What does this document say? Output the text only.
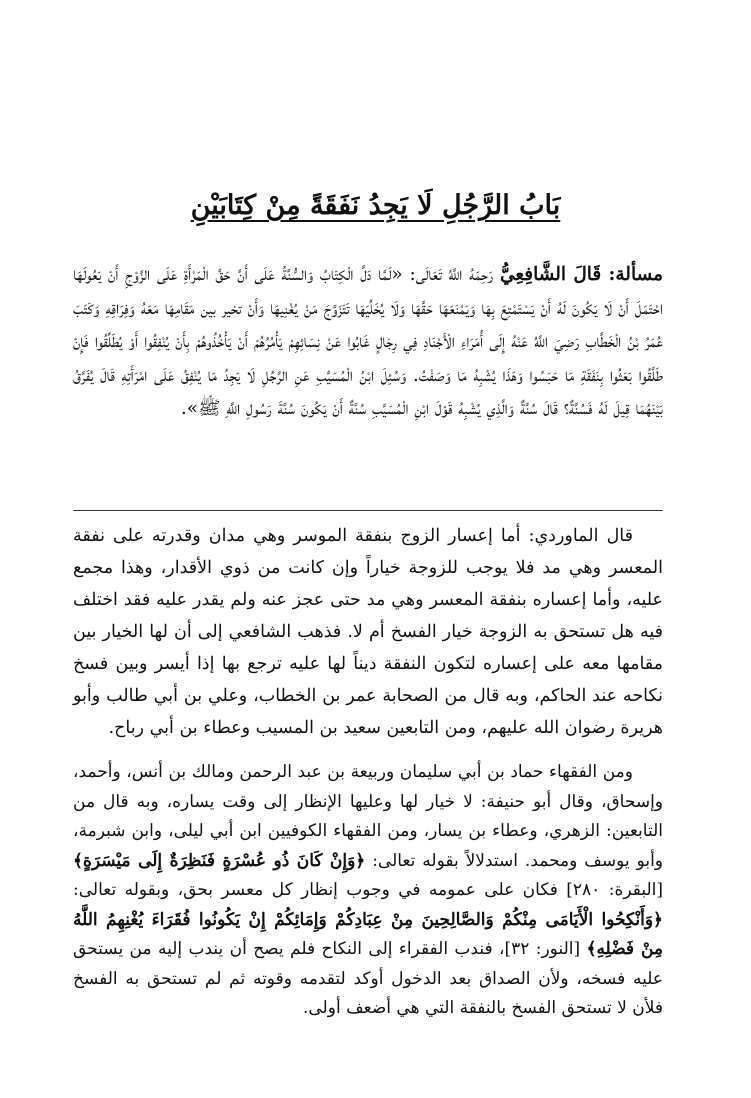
بَابُ الرَّجُلِ لَا يَجِدُ نَفَقَةً مِنْ كِتَابَيْنِ
مسألة: قَالَ الشَّافِعِيُّ رَحِمَهُ اللَّهُ تَعَالَى: «لَمَّا دَلَّ الْكِتَابُ وَالسُّنَّةُ عَلَى أَنَّ حَقَّ الْمَرْأَةِ عَلَى الزَّوْجِ أَنْ يَعُولَهَا احْتَمَلَ أَنْ لَا يَكُونَ لَهُ أَنْ يَسْتَمْتِعَ بِهَا وَيَمْنَعَهَا حَقَّهَا وَلَا يُخَلِّيَهَا تَتَزَوَّجَ مَنْ يُغْنِيهَا وَأَنْ تخير بين مَقَامِهَا مَعَهُ وَفِرَاقِهِ وَكَتَبَ عُمَرُ بْنُ الْخَطَّابِ رَضِيَ اللَّهُ عَنْهُ إِلَى أُمَرَاءِ الْأَجْنَادِ فِي رِجَالٍ غَابُوا عَنْ نِسَائِهِمْ يَأْمُرُهُمْ أَنْ يَأْخُذُوهُمْ بِأَنْ يُنْفِقُوا أَوْ يُطَلِّقُوا فَإِنْ طَلَّقُوا بَعَثُوا بِنَفَقَةِ مَا حَبَسُوا وَهَذَا يُشْبِهُ مَا وَصَفْتُ. وَسُئِلَ ابْنُ الْمُسَيَّبِ عَنِ الرَّجُلِ لَا يَجِدُ مَا يُنْفِقُ عَلَى امْرَأَتِهِ قَالَ يُفَرَّقُ بَيْنَهُمَا قِيلَ لَهُ فَسُنَّةٌ؟ قَالَ سُنَّةٌ وَالَّذِي يُشْبِهُ قَوْلَ ابْنِ الْمُسَيَّبِ سُنَّةٌ أَنْ يَكُونَ سُنَّةَ رَسُولِ اللَّهِ ﷺ».
قال الماوردي: أما إعسار الزوج بنفقة الموسر وهي مدان وقدرته على نفقة المعسر وهي مد فلا يوجب للزوجة خياراً وإن كانت من ذوي الأقدار، وهذا مجمع عليه، وأما إعساره بنفقة المعسر وهي مد حتى عجز عنه ولم يقدر عليه فقد اختلف فيه هل تستحق به الزوجة خيار الفسخ أم لا. فذهب الشافعي إلى أن لها الخيار بين مقامها معه على إعساره لتكون النفقة ديناً لها عليه ترجع بها إذا أيسر وبين فسخ نكاحه عند الحاكم، وبه قال من الصحابة عمر بن الخطاب، وعلي بن أبي طالب وأبو هريرة رضوان الله عليهم، ومن التابعين سعيد بن المسيب وعطاء بن أبي رباح.
ومن الفقهاء حماد بن أبي سليمان وربيعة بن عبد الرحمن ومالك بن أنس، وأحمد، وإسحاق، وقال أبو حنيفة: لا خيار لها وعليها الإنظار إلى وقت يساره، وبه قال من التابعين: الزهري، وعطاء بن يسار، ومن الفقهاء الكوفيين ابن أبي ليلى، وابن شبرمة، وأبو يوسف ومحمد. استدلالاً بقوله تعالى: ﴿وَإِنْ كَانَ ذُو عُسْرَةٍ فَنَظِرَةٌ إِلَى مَيْسَرَةٍ﴾ [البقرة: ٢٨٠] فكان على عمومه في وجوب إنظار كل معسر بحق، وبقوله تعالى: ﴿وَأَنْكِحُوا الْأَيَامَى مِنْكُمْ وَالصَّالِحِينَ مِنْ عِبَادِكُمْ وَإِمَائِكُمْ إِنْ يَكُونُوا فُقَرَاءَ يُغْنِهِمُ اللَّهُ مِنْ فَضْلِهِ﴾ [النور: ٣٢]، فندب الفقراء إلى النكاح فلم يصح أن يندب إليه من يستحق عليه فسخه، ولأن الصداق بعد الدخول أوكد لتقدمه وقوته ثم لم تستحق به الفسخ فلأن لا تستحق الفسخ بالنفقة التي هي أضعف أولى.
